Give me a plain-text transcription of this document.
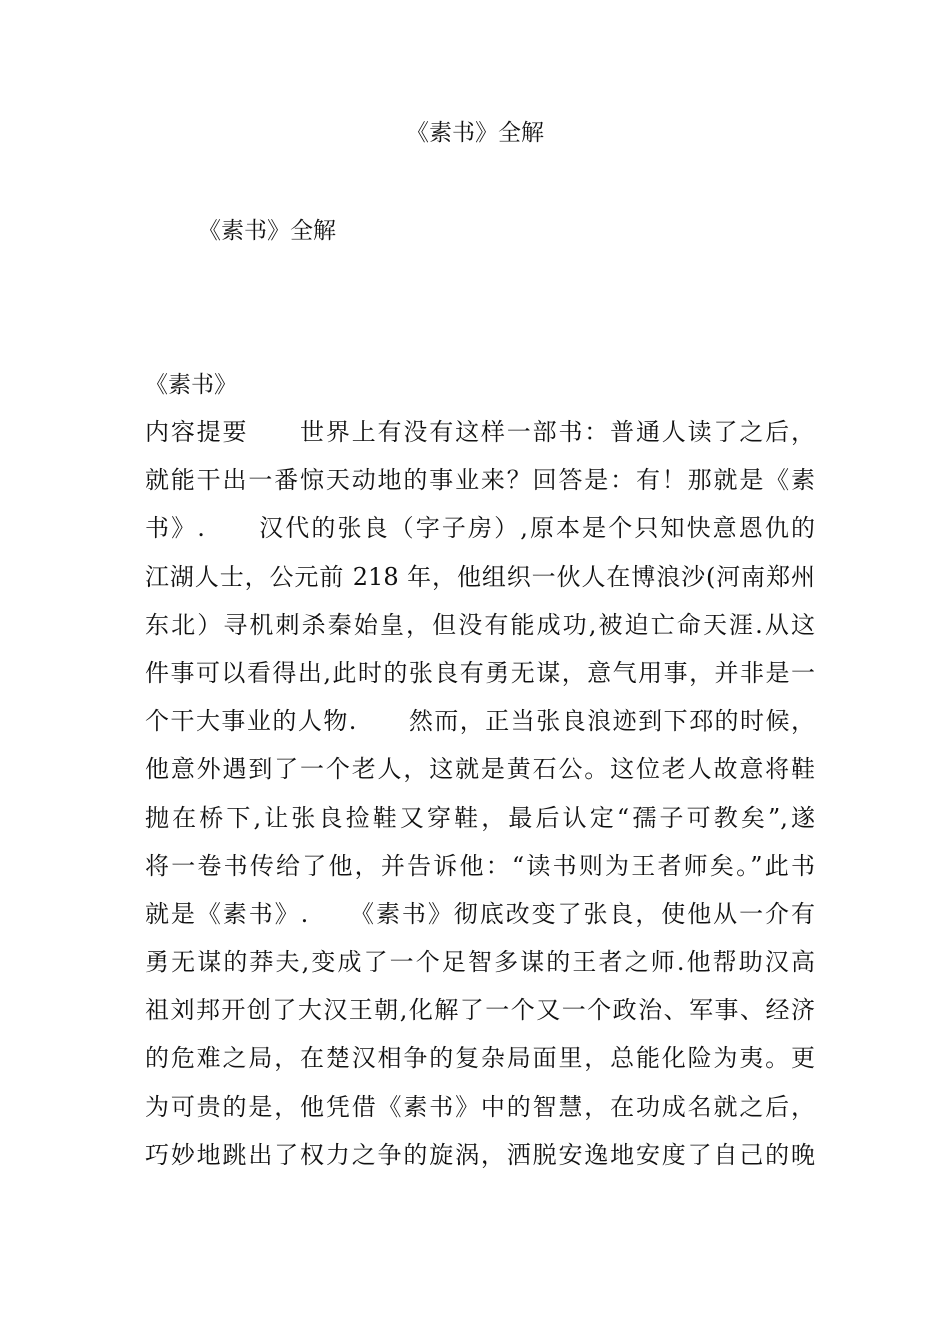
《素书》全解
《素书》全解
《素书》
内容提要　　世界上有没有这样一部书：普通人读了之后，
就能干出一番惊天动地的事业来？回答是：有！那就是《素
书》.　　汉代的张良（字子房）,原本是个只知快意恩仇的
江湖人士，公元前 218 年，他组织一伙人在博浪沙(河南郑州
东北）寻机刺杀秦始皇，但没有能成功,被迫亡命天涯.从这
件事可以看得出,此时的张良有勇无谋，意气用事，并非是一
个干大事业的人物.　　然而，正当张良浪迹到下邳的时候，
他意外遇到了一个老人，这就是黄石公。这位老人故意将鞋
抛在桥下,让张良捡鞋又穿鞋，最后认定“孺子可教矣”,遂
将一卷书传给了他，并告诉他：“读书则为王者师矣。”此书
就是《素书》.　　《素书》彻底改变了张良，使他从一介有
勇无谋的莽夫,变成了一个足智多谋的王者之师.他帮助汉高
祖刘邦开创了大汉王朝,化解了一个又一个政治、军事、经济
的危难之局，在楚汉相争的复杂局面里，总能化险为夷。更
为可贵的是，他凭借《素书》中的智慧，在功成名就之后，
巧妙地跳出了权力之争的旋涡，洒脱安逸地安度了自己的晚
